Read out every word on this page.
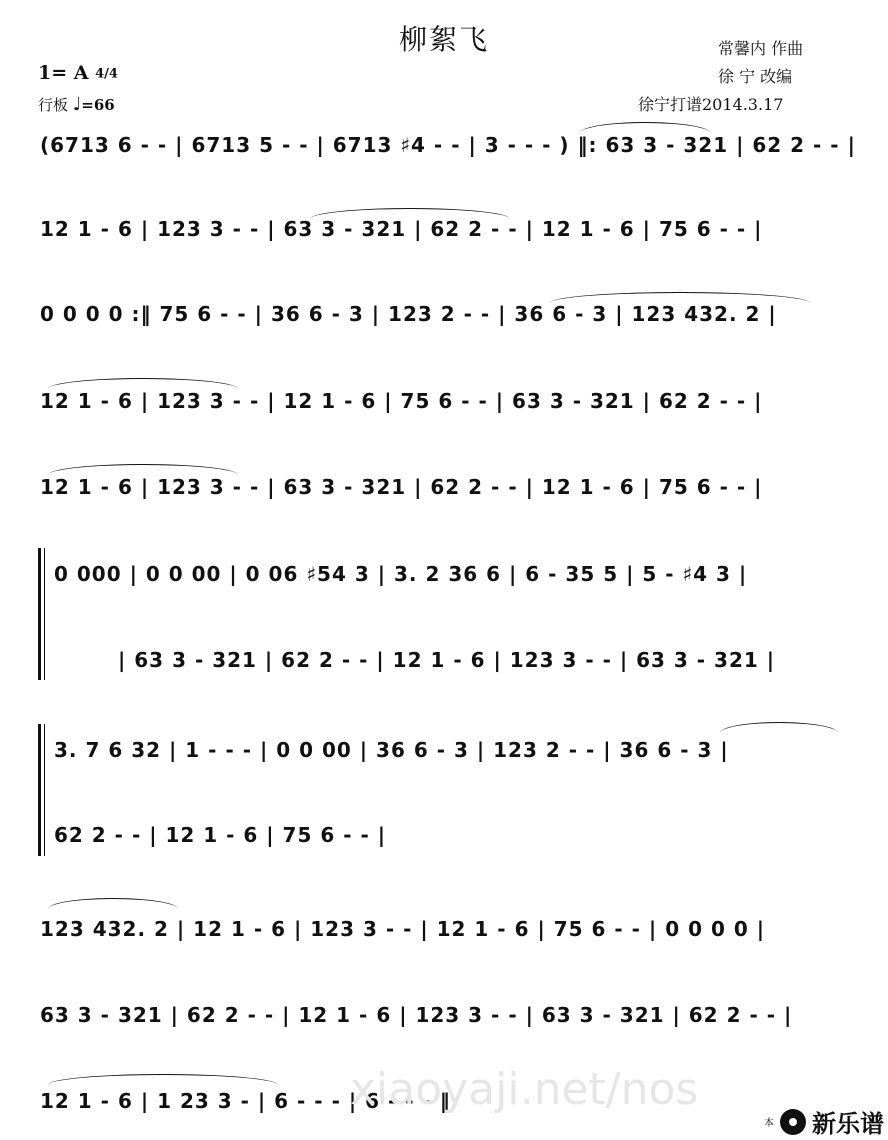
柳絮飞	常馨内 作曲
徐 宁 改编
徐宁打谱2014.3.17
1= A 4/4
行板 ♩=66
(6713 6 - - | 6713 5 - - | 6713 ♯4 - - | 3 - - - ) ‖: 63 3 - 321 | 62 2 - - |
12 1 - 6 | 123 3 - - | 63 3 - 321 | 62 2 - - | 12 1 - 6 | 75 6 - - |
0 0 0 0 :‖ 75 6 - - | 36 6 - 3 | 123 2 - - | 36 6 - 3 | 123 432. 2 |
12 1 - 6 | 123 3 - - | 12 1 - 6 | 75 6 - - | 63 3 - 321 | 62 2 - - |
12 1 - 6 | 123 3 - - | 63 3 - 321 | 62 2 - - | 12 1 - 6 | 75 6 - - |
0 000 | 0 0 00 | 0 06 ♯54 3 | 3. 2 36 6 | 6 - 35 5 | 5 - ♯4 3 |
| 63 3 - 321 | 62 2 - - | 12 1 - 6 | 123 3 - - | 63 3 - 321 |
3. 7 6 32 | 1 - - - | 0 0 00 | 36 6 - 3 | 123 2 - - | 36 6 - 3 |
62 2 - - | 12 1 - 6 | 75 6 - - |
123 432. 2 | 12 1 - 6 | 123 3 - - | 12 1 - 6 | 75 6 - - | 0 0 0 0 |
63 3 - 321 | 62 2 - - | 12 1 - 6 | 123 3 - - | 63 3 - 321 | 62 2 - - |
12 1 - 6 | 1 23 3 - | 6 - - - | 6 - - - ‖
xiaoyaji.net/nos
本 新乐谱
